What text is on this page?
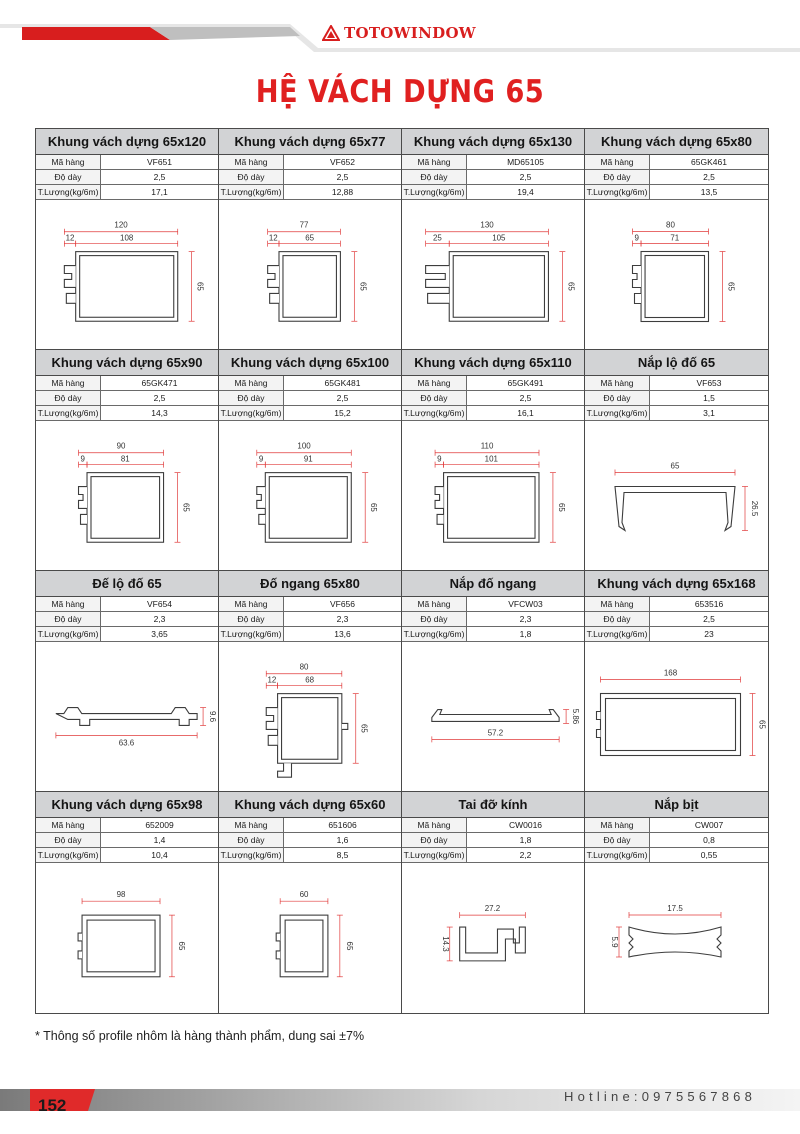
TOTOWINDOW
HỆ VÁCH DỰNG 65
Khung vách dựng 65x120
Mã hàng	VF651
Độ dày	2,5
T.Lượng(kg/6m)	17,1
120
12	108
65
Khung vách dựng 65x77
Mã hàng	VF652
Độ dày	2,5
T.Lượng(kg/6m)	12,88
77
12	65
65
Khung vách dựng 65x130
Mã hàng	MD65105
Độ dày	2,5
T.Lượng(kg/6m)	19,4
130
25	105
65
Khung vách dựng 65x80
Mã hàng	65GK461
Độ dày	2,5
T.Lượng(kg/6m)	13,5
80
9	71
65
Khung vách dựng 65x90
Mã hàng	65GK471
Độ dày	2,5
T.Lượng(kg/6m)	14,3
90
9	81
65
Khung vách dựng 65x100
Mã hàng	65GK481
Độ dày	2,5
T.Lượng(kg/6m)	15,2
100
9	91
65
Khung vách dựng 65x110
Mã hàng	65GK491
Độ dày	2,5
T.Lượng(kg/6m)	16,1
110
9	101
65
Nắp lộ đố 65
Mã hàng	VF653
Độ dày	1,5
T.Lượng(kg/6m)	3,1
65
26.5
Đế lộ đố 65
Mã hàng	VF654
Độ dày	2,3
T.Lượng(kg/6m)	3,65
63.6
9.6
Đố ngang 65x80
Mã hàng	VF656
Độ dày	2,3
T.Lượng(kg/6m)	13,6
80
12	68
65
Nắp đố ngang
Mã hàng	VFCW03
Độ dày	2,3
T.Lượng(kg/6m)	1,8
57.2
5.86
Khung vách dựng 65x168
Mã hàng	653516
Độ dày	2,5
T.Lượng(kg/6m)	23
168
65
Khung vách dựng 65x98
Mã hàng	652009
Độ dày	1,4
T.Lượng(kg/6m)	10,4
98
65
Khung vách dựng 65x60
Mã hàng	651606
Độ dày	1,6
T.Lượng(kg/6m)	8,5
60
65
Tai đỡ kính
Mã hàng	CW0016
Độ dày	1,8
T.Lượng(kg/6m)	2,2
27.2
14.3
Nắp bịt
Mã hàng	CW007
Độ dày	0,8
T.Lượng(kg/6m)	0,55
17.5
5.9
* Thông số profile nhôm là hàng thành phẩm, dung sai ±7%
152	Hotline:0975567868
